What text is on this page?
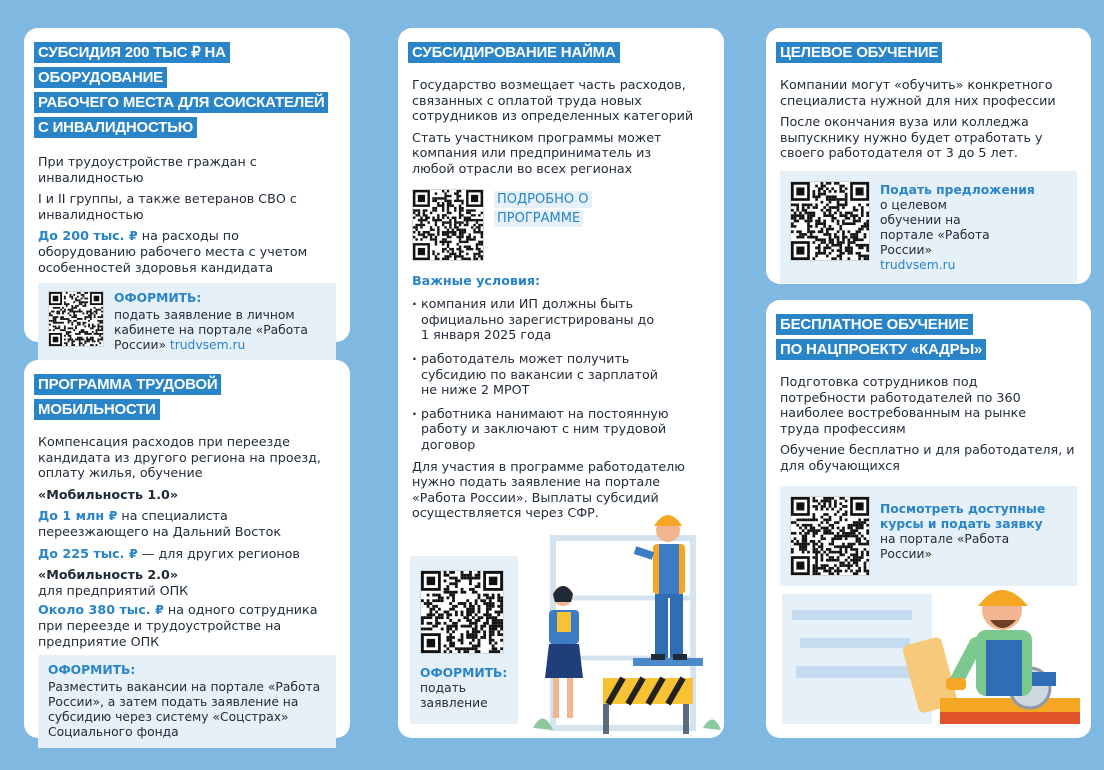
СУБСИДИЯ 200 ТЫС ₽ НА ОБОРУДОВАНИЕ
РАБОЧЕГО МЕСТА ДЛЯ СОИСКАТЕЛЕЙ
С ИНВАЛИДНОСТЬЮ

При трудоустройстве граждан с инвалидностью

I и II группы, а также ветеранов СВО с инвалидностью

До 200 тыс. ₽ на расходы по оборудованию рабочего места с учетом особенностей здоровья кандидата

ОФОРМИТЬ:

подать заявление в личном кабинете на портале «Работа России» trudvsem.ru

ПРОГРАММА ТРУДОВОЙ МОБИЛЬНОСТИ

Компенсация расходов при переезде кандидата из другого региона на проезд, оплату жилья, обучение

«Мобильность 1.0»

До 1 млн ₽ на специалиста переезжающего на Дальний Восток

До 225 тыс. ₽ — для других регионов

«Мобильность 2.0»
для предприятий ОПК

Около 380 тыс. ₽ на одного сотрудника при переезде и трудоустройстве на предприятие ОПК

ОФОРМИТЬ:

Разместить вакансии на портале «Работа России», а затем подать заявление на субсидию через систему «Соцстрах» Социального фонда

СУБСИДИРОВАНИЕ НАЙМА

Государство возмещает часть расходов, связанных с оплатой труда новых сотрудников из определенных категорий

Стать участником программы может компания или предприниматель из любой отрасли во всех регионах

ПОДРОБНО О ПРОГРАММЕ

Важные условия:

· компания или ИП должны быть официально зарегистрированы до 1 января 2025 года

· работодатель может получить субсидию по вакансии с зарплатой не ниже 2 МРОТ

· работника нанимают на постоянную работу и заключают с ним трудовой договор

Для участия в программе работодателю нужно подать заявление на портале «Работа России». Выплаты субсидий осуществляется через СФР.

ОФОРМИТЬ:

подать заявление

ЦЕЛЕВОЕ ОБУЧЕНИЕ

Компании могут «обучить» конкретного специалиста нужной для них профессии

После окончания вуза или колледжа выпускнику нужно будет отработать у своего работодателя от 3 до 5 лет.

Подать предложения

о целевом обучении на портале «Работа России»

trudvsem.ru

БЕСПЛАТНОЕ ОБУЧЕНИЕ
ПО НАЦПРОЕКТУ «КАДРЫ»

Подготовка сотрудников под потребности работодателей по 360 наиболее востребованным на рынке труда профессиям

Обучение бесплатно и для работодателя, и для обучающихся

Посмотреть доступные курсы и подать заявку

на портале «Работа России»
